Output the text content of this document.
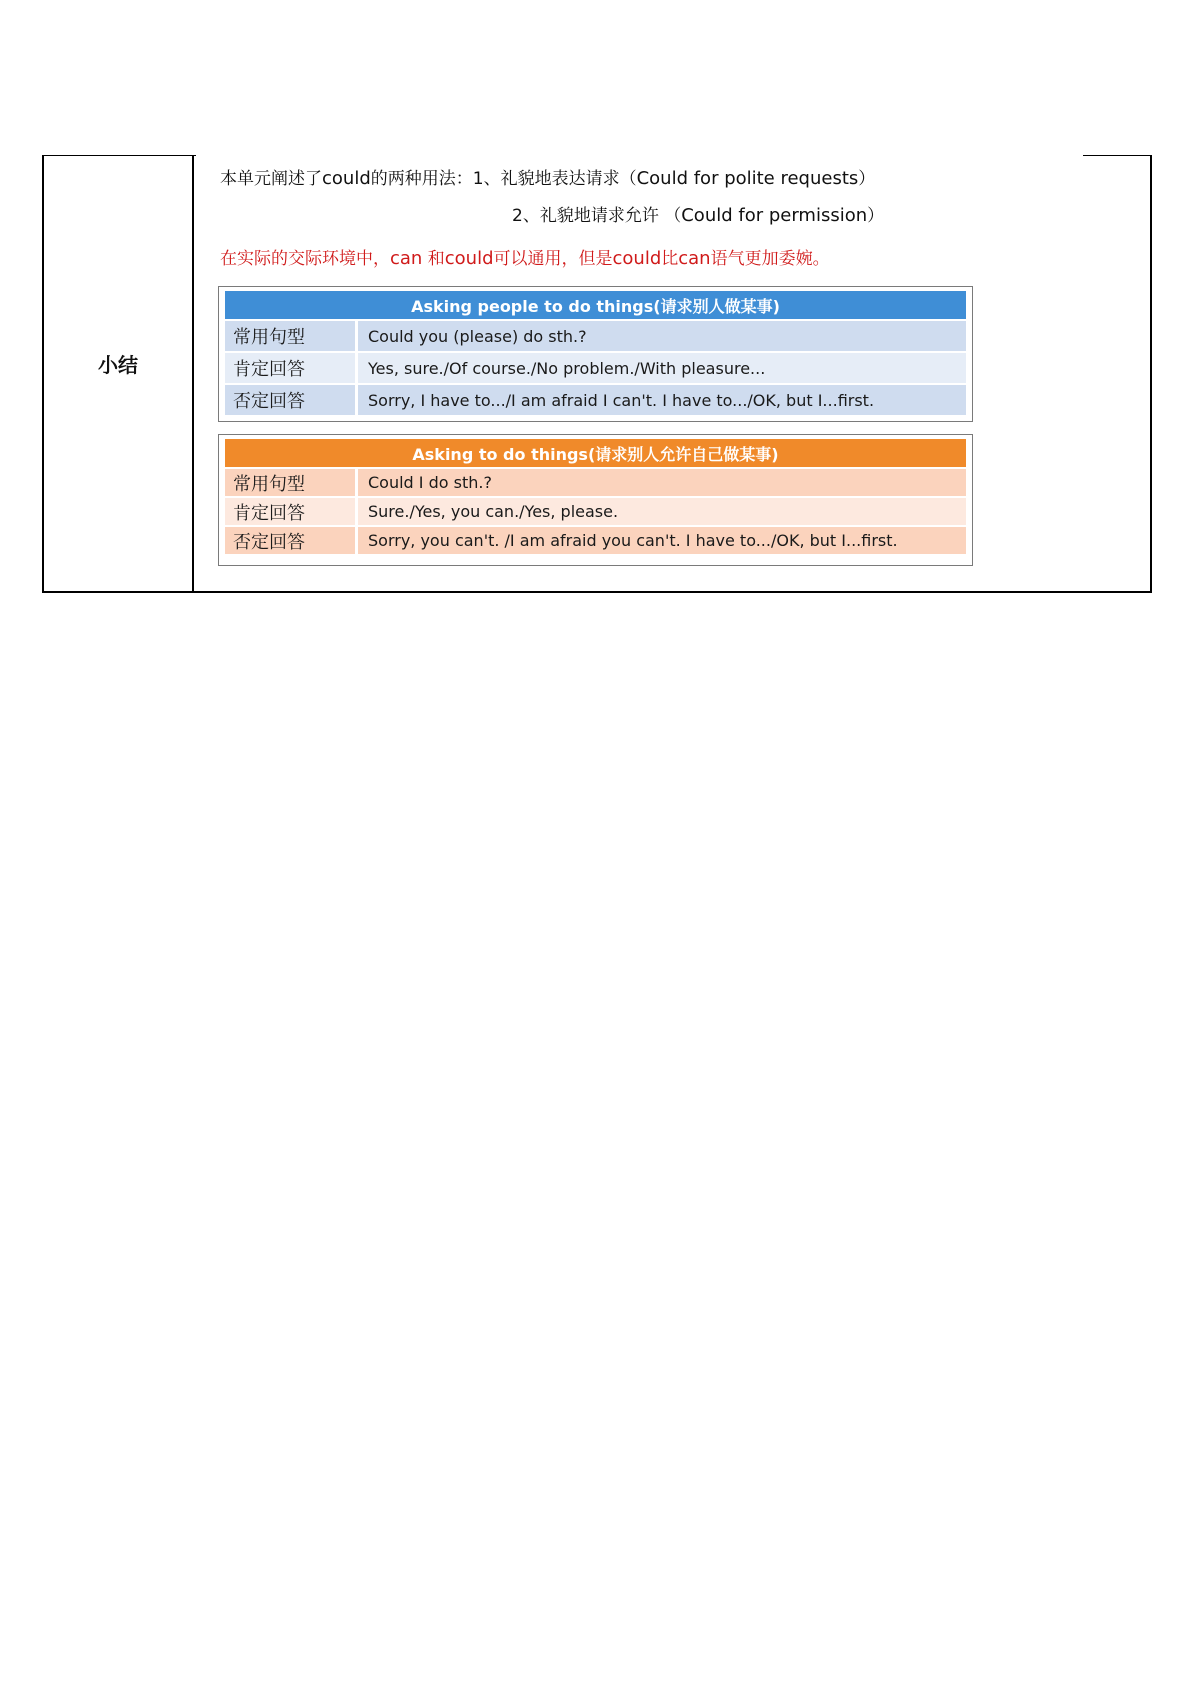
小结
本单元阐述了could的两种用法：1、礼貌地表达请求（Could for polite requests）
2、礼貌地请求允许 （Could for permission）
在实际的交际环境中，can 和could可以通用，但是could比can语气更加委婉。
Asking people to do things(请求别人做某事)
常用句型	Could you (please) do sth.?
肯定回答	Yes, sure./Of course./No problem./With pleasure...
否定回答	Sorry, I have to.../I am afraid I can't. I have to.../OK, but I...first.
Asking to do things(请求别人允许自己做某事)
常用句型	Could I do sth.?
肯定回答	Sure./Yes, you can./Yes, please.
否定回答	Sorry, you can't. /I am afraid you can't. I have to.../OK, but I...first.
